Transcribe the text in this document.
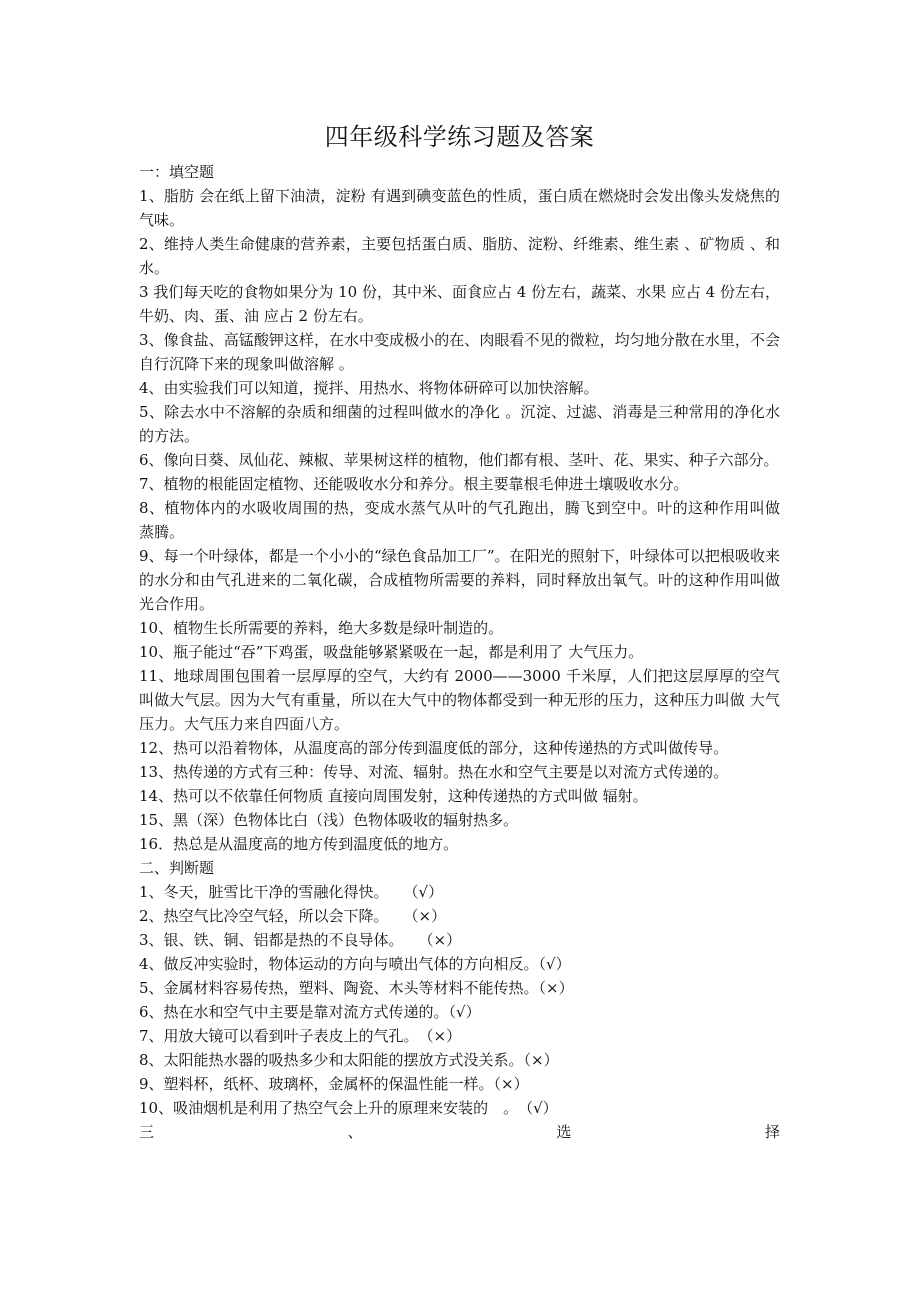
四年级科学练习题及答案

一：填空题

1、脂肪 会在纸上留下油渍，淀粉 有遇到碘变蓝色的性质，蛋白质在燃烧时会发出像头发烧焦的气味。

2、维持人类生命健康的营养素，主要包括蛋白质、脂肪、淀粉、纤维素、维生素 、矿物质 、和 水。

3 我们每天吃的食物如果分为 10 份，其中米、面食应占 4 份左右，蔬菜、水果 应占 4 份左右，牛奶、肉、蛋、油 应占 2 份左右。

3、像食盐、高锰酸钾这样，在水中变成极小的在、肉眼看不见的微粒，均匀地分散在水里，不会自行沉降下来的现象叫做溶解 。

4、由实验我们可以知道，搅拌、用热水、将物体研碎可以加快溶解。

5、除去水中不溶解的杂质和细菌的过程叫做水的净化 。沉淀、过滤、消毒是三种常用的净化水的方法。

6、像向日葵、凤仙花、辣椒、苹果树这样的植物，他们都有根、茎叶、花、果实、种子六部分。

7、植物的根能固定植物、还能吸收水分和养分。根主要靠根毛伸进土壤吸收水分。

8、植物体内的水吸收周围的热，变成水蒸气从叶的气孔跑出，腾飞到空中。叶的这种作用叫做 蒸腾。

9、每一个叶绿体，都是一个小小的“绿色食品加工厂”。在阳光的照射下，叶绿体可以把根吸收来的水分和由气孔进来的二氧化碳，合成植物所需要的养料，同时释放出氧气。叶的这种作用叫做光合作用。

10、植物生长所需要的养料，绝大多数是绿叶制造的。

10、瓶子能过“吞”下鸡蛋，吸盘能够紧紧吸在一起，都是利用了 大气压力。

11、地球周围包围着一层厚厚的空气，大约有 2000——3000 千米厚，人们把这层厚厚的空气叫做大气层。因为大气有重量，所以在大气中的物体都受到一种无形的压力，这种压力叫做 大气压力。大气压力来自四面八方。

12、热可以沿着物体，从温度高的部分传到温度低的部分，这种传递热的方式叫做传导。

13、热传递的方式有三种：传导、对流、辐射。热在水和空气主要是以对流方式传递的。

14、热可以不依靠任何物质 直接向周围发射，这种传递热的方式叫做 辐射。

15、黑（深）色物体比白（浅）色物体吸收的辐射热多。

16．热总是从温度高的地方传到温度低的地方。

二、判断题

1、冬天，脏雪比干净的雪融化得快。　　（√）

2、热空气比冷空气轻，所以会下降。　　（×）

3、银、铁、铜、铝都是热的不良导体。　　（×）

4、做反冲实验时，物体运动的方向与喷出气体的方向相反。（√）

5、金属材料容易传热，塑料、陶瓷、木头等材料不能传热。（×）

6、热在水和空气中主要是靠对流方式传递的。（√）

7、用放大镜可以看到叶子表皮上的气孔。　（×）

8、太阳能热水器的吸热多少和太阳能的摆放方式没关系。（×）

9、塑料杯，纸杯、玻璃杯，金属杯的保温性能一样。（×）

10、吸油烟机是利用了热空气会上升的原理来安装的　。　（√）

三	、	选	择
